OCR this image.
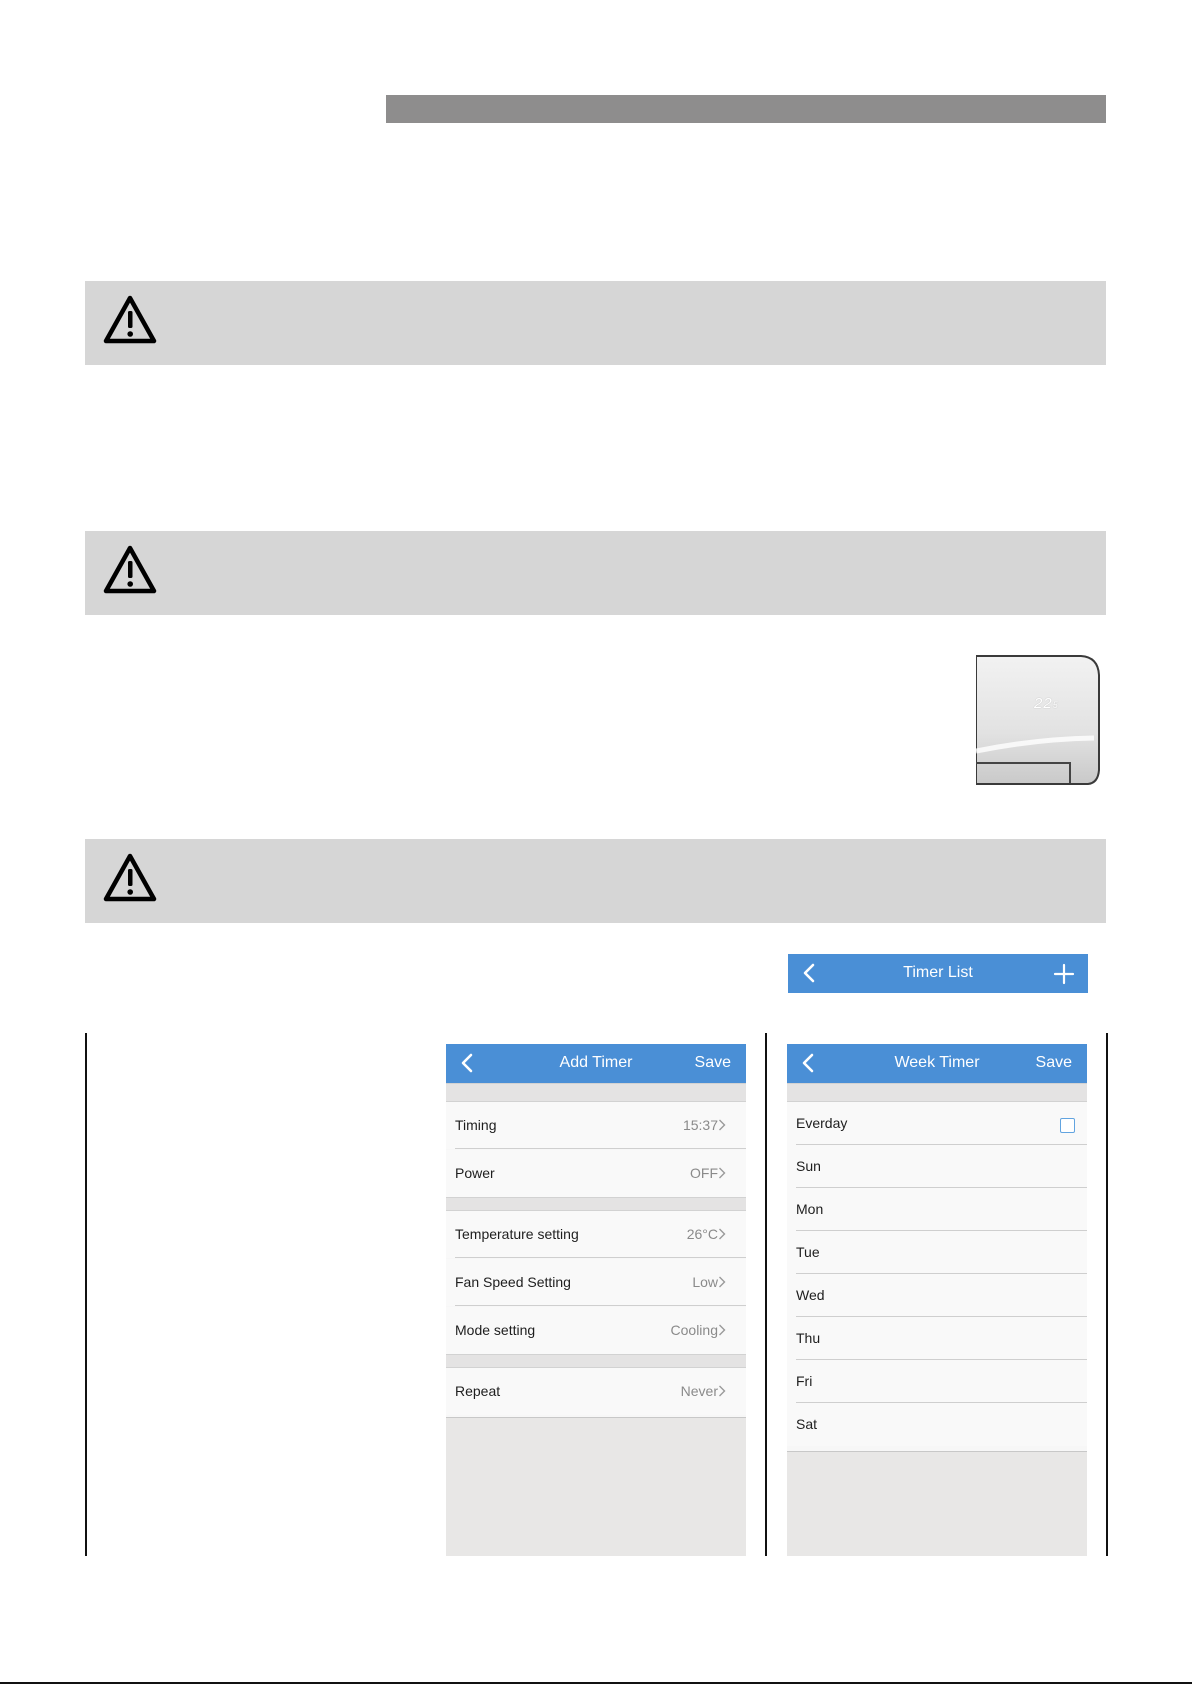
225
Timer List
Add Timer	Save
Timing	15:37
Power	OFF
Temperature setting	26°C
Fan Speed Setting	Low
Mode setting	Cooling
Repeat	Never
Week Timer	Save
Everday
Sun
Mon
Tue
Wed
Thu
Fri
Sat
